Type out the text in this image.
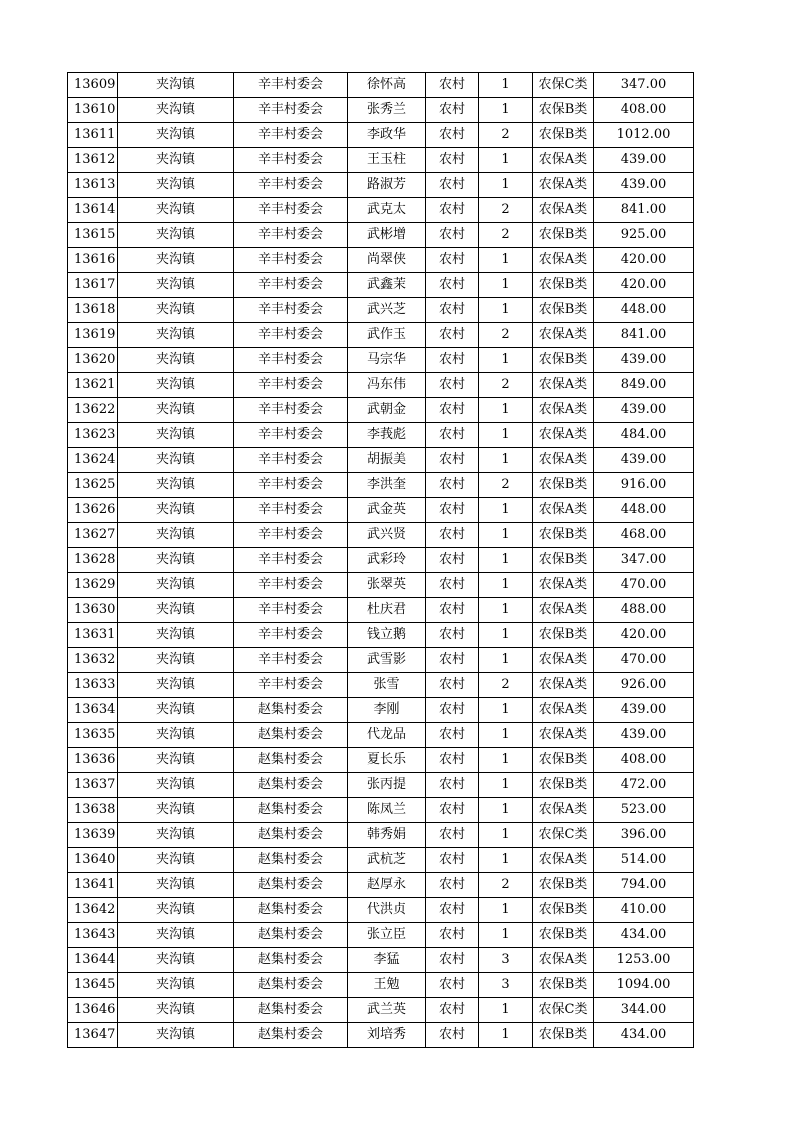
13609	夹沟镇	辛丰村委会	徐怀高	农村	1	农保C类	347.00
13610	夹沟镇	辛丰村委会	张秀兰	农村	1	农保B类	408.00
13611	夹沟镇	辛丰村委会	李政华	农村	2	农保B类	1012.00
13612	夹沟镇	辛丰村委会	王玉柱	农村	1	农保A类	439.00
13613	夹沟镇	辛丰村委会	路淑芳	农村	1	农保A类	439.00
13614	夹沟镇	辛丰村委会	武克太	农村	2	农保A类	841.00
13615	夹沟镇	辛丰村委会	武彬增	农村	2	农保B类	925.00
13616	夹沟镇	辛丰村委会	尚翠侠	农村	1	农保A类	420.00
13617	夹沟镇	辛丰村委会	武鑫茉	农村	1	农保B类	420.00
13618	夹沟镇	辛丰村委会	武兴芝	农村	1	农保B类	448.00
13619	夹沟镇	辛丰村委会	武作玉	农村	2	农保A类	841.00
13620	夹沟镇	辛丰村委会	马宗华	农村	1	农保B类	439.00
13621	夹沟镇	辛丰村委会	冯东伟	农村	2	农保A类	849.00
13622	夹沟镇	辛丰村委会	武朝金	农村	1	农保A类	439.00
13623	夹沟镇	辛丰村委会	李莪彪	农村	1	农保A类	484.00
13624	夹沟镇	辛丰村委会	胡振美	农村	1	农保A类	439.00
13625	夹沟镇	辛丰村委会	李洪奎	农村	2	农保B类	916.00
13626	夹沟镇	辛丰村委会	武金英	农村	1	农保A类	448.00
13627	夹沟镇	辛丰村委会	武兴贤	农村	1	农保B类	468.00
13628	夹沟镇	辛丰村委会	武彩玲	农村	1	农保B类	347.00
13629	夹沟镇	辛丰村委会	张翠英	农村	1	农保A类	470.00
13630	夹沟镇	辛丰村委会	杜庆君	农村	1	农保A类	488.00
13631	夹沟镇	辛丰村委会	钱立鹅	农村	1	农保B类	420.00
13632	夹沟镇	辛丰村委会	武雪影	农村	1	农保A类	470.00
13633	夹沟镇	辛丰村委会	张雪	农村	2	农保A类	926.00
13634	夹沟镇	赵集村委会	李刚	农村	1	农保A类	439.00
13635	夹沟镇	赵集村委会	代龙品	农村	1	农保A类	439.00
13636	夹沟镇	赵集村委会	夏长乐	农村	1	农保B类	408.00
13637	夹沟镇	赵集村委会	张丙提	农村	1	农保B类	472.00
13638	夹沟镇	赵集村委会	陈凤兰	农村	1	农保A类	523.00
13639	夹沟镇	赵集村委会	韩秀娟	农村	1	农保C类	396.00
13640	夹沟镇	赵集村委会	武杭芝	农村	1	农保A类	514.00
13641	夹沟镇	赵集村委会	赵厚永	农村	2	农保B类	794.00
13642	夹沟镇	赵集村委会	代洪贞	农村	1	农保B类	410.00
13643	夹沟镇	赵集村委会	张立臣	农村	1	农保B类	434.00
13644	夹沟镇	赵集村委会	李猛	农村	3	农保A类	1253.00
13645	夹沟镇	赵集村委会	王勉	农村	3	农保B类	1094.00
13646	夹沟镇	赵集村委会	武兰英	农村	1	农保C类	344.00
13647	夹沟镇	赵集村委会	刘培秀	农村	1	农保B类	434.00
